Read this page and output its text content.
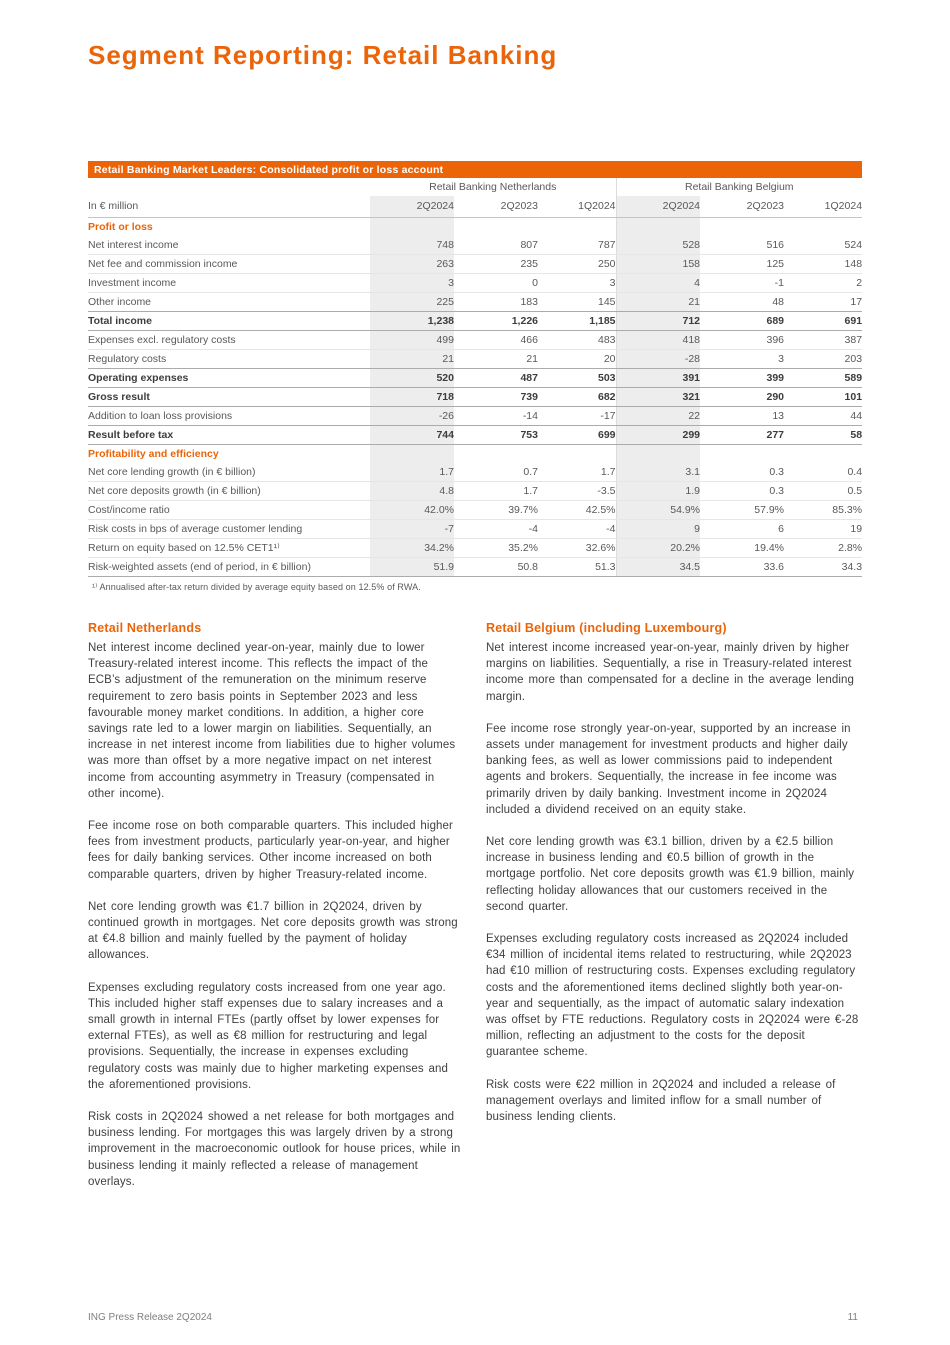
Segment Reporting: Retail Banking
Retail Banking Market Leaders: Consolidated profit or loss account
	Retail Banking Netherlands			Retail Banking Belgium		
In € million	2Q2024	2Q2023	1Q2024	2Q2024	2Q2023	1Q2024
Profit or loss						
Net interest income	748	807	787	528	516	524
Net fee and commission income	263	235	250	158	125	148
Investment income	3	0	3	4	-1	2
Other income	225	183	145	21	48	17
Total income	1,238	1,226	1,185	712	689	691
Expenses excl. regulatory costs	499	466	483	418	396	387
Regulatory costs	21	21	20	-28	3	203
Operating expenses	520	487	503	391	399	589
Gross result	718	739	682	321	290	101
Addition to loan loss provisions	-26	-14	-17	22	13	44
Result before tax	744	753	699	299	277	58
Profitability and efficiency						
Net core lending growth (in € billion)	1.7	0.7	1.7	3.1	0.3	0.4
Net core deposits growth (in € billion)	4.8	1.7	-3.5	1.9	0.3	0.5
Cost/income ratio	42.0%	39.7%	42.5%	54.9%	57.9%	85.3%
Risk costs in bps of average customer lending	-7	-4	-4	9	6	19
Return on equity based on 12.5% CET1¹⁾	34.2%	35.2%	32.6%	20.2%	19.4%	2.8%
Risk-weighted assets (end of period, in € billion)	51.9	50.8	51.3	34.5	33.6	34.3
¹⁾ Annualised after-tax return divided by average equity based on 12.5% of RWA.
Retail Netherlands

Net interest income declined year-on-year, mainly due to lower Treasury-related interest income. This reflects the impact of the ECB’s adjustment of the remuneration on the minimum reserve requirement to zero basis points in September 2023 and less favourable money market conditions. In addition, a higher core savings rate led to a lower margin on liabilities. Sequentially, an increase in net interest income from liabilities due to higher volumes was more than offset by a more negative impact on net interest income from accounting asymmetry in Treasury (compensated in other income).

Fee income rose on both comparable quarters. This included higher fees from investment products, particularly year-on-year, and higher fees for daily banking services. Other income increased on both comparable quarters, driven by higher Treasury-related income.

Net core lending growth was €1.7 billion in 2Q2024, driven by continued growth in mortgages. Net core deposits growth was strong at €4.8 billion and mainly fuelled by the payment of holiday allowances.

Expenses excluding regulatory costs increased from one year ago. This included higher staff expenses due to salary increases and a small growth in internal FTEs (partly offset by lower expenses for external FTEs), as well as €8 million for restructuring and legal provisions. Sequentially, the increase in expenses excluding regulatory costs was mainly due to higher marketing expenses and the aforementioned provisions.

Risk costs in 2Q2024 showed a net release for both mortgages and business lending. For mortgages this was largely driven by a strong improvement in the macroeconomic outlook for house prices, while in business lending it mainly reflected a release of management overlays.

Retail Belgium (including Luxembourg)

Net interest income increased year-on-year, mainly driven by higher margins on liabilities. Sequentially, a rise in Treasury-related interest income more than compensated for a decline in the average lending margin.

Fee income rose strongly year-on-year, supported by an increase in assets under management for investment products and higher daily banking fees, as well as lower commissions paid to independent agents and brokers. Sequentially, the increase in fee income was primarily driven by daily banking. Investment income in 2Q2024 included a dividend received on an equity stake.

Net core lending growth was €3.1 billion, driven by a €2.5 billion increase in business lending and €0.5 billion of growth in the mortgage portfolio. Net core deposits growth was €1.9 billion, mainly reflecting holiday allowances that our customers received in the second quarter.

Expenses excluding regulatory costs increased as 2Q2024 included €34 million of incidental items related to restructuring, while 2Q2023 had €10 million of restructuring costs. Expenses excluding regulatory costs and the aforementioned items declined slightly both year-on-year and sequentially, as the impact of automatic salary indexation was offset by FTE reductions. Regulatory costs in 2Q2024 were €-28 million, reflecting an adjustment to the costs for the deposit guarantee scheme.

Risk costs were €22 million in 2Q2024 and included a release of management overlays and limited inflow for a small number of business lending clients.

ING Press Release 2Q2024	11
